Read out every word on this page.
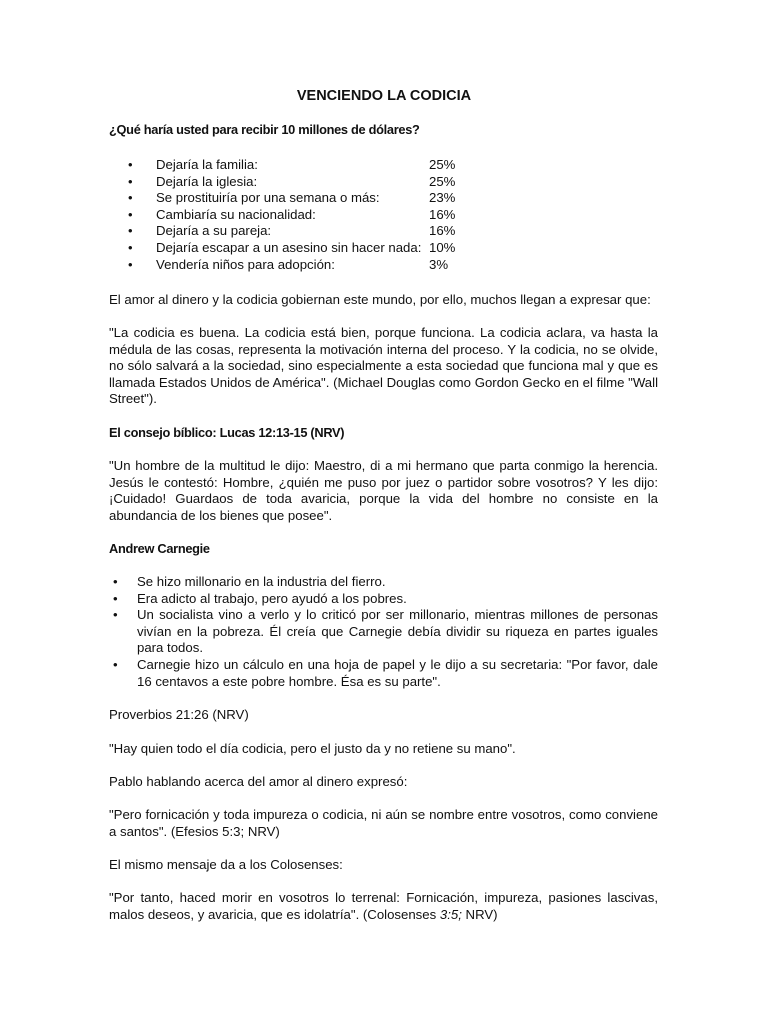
VENCIENDO LA CODICIA
¿Qué haría usted para recibir 10 millones de dólares?
• Dejaría la familia:	25%
• Dejaría la iglesia:	25%
• Se prostituiría por una semana o más:	23%
• Cambiaría su nacionalidad:	16%
• Dejaría a su pareja:	16%
• Dejaría escapar a un asesino sin hacer nada: 10%
• Vendería niños para adopción:	3%
El amor al dinero y la codicia gobiernan este mundo, por ello, muchos llegan a expresar que:
"La codicia es buena. La codicia está bien, porque funciona. La codicia aclara, va hasta la médula de las cosas, representa la motivación interna del proceso. Y la codicia, no se olvide, no sólo salvará a la sociedad, sino especialmente a esta sociedad que funciona mal y que es llamada Estados Unidos de América". (Michael Douglas como Gordon Gecko en el filme "Wall Street").
El consejo bíblico: Lucas 12:13-15 (NRV)
"Un hombre de la multitud le dijo: Maestro, di a mi hermano que parta conmigo la herencia. Jesús le contestó: Hombre, ¿quién me puso por juez o partidor sobre vosotros? Y les dijo: ¡Cuidado! Guardaos de toda avaricia, porque la vida del hombre no consiste en la abundancia de los bienes que posee".
Andrew Carnegie
• Se hizo millonario en la industria del fierro.
• Era adicto al trabajo, pero ayudó a los pobres.
• Un socialista vino a verlo y lo criticó por ser millonario, mientras millones de personas vivían en la pobreza. Él creía que Carnegie debía dividir su riqueza en partes iguales para todos.
• Carnegie hizo un cálculo en una hoja de papel y le dijo a su secretaria: "Por favor, dale 16 centavos a este pobre hombre. Ésa es su parte".
Proverbios 21:26 (NRV)
"Hay quien todo el día codicia, pero el justo da y no retiene su mano".
Pablo hablando acerca del amor al dinero expresó:
"Pero fornicación y toda impureza o codicia, ni aún se nombre entre vosotros, como conviene a santos". (Efesios 5:3; NRV)
El mismo mensaje da a los Colosenses:
"Por tanto, haced morir en vosotros lo terrenal: Fornicación, impureza, pasiones lascivas, malos deseos, y avaricia, que es idolatría". (Colosenses 3:5; NRV)
